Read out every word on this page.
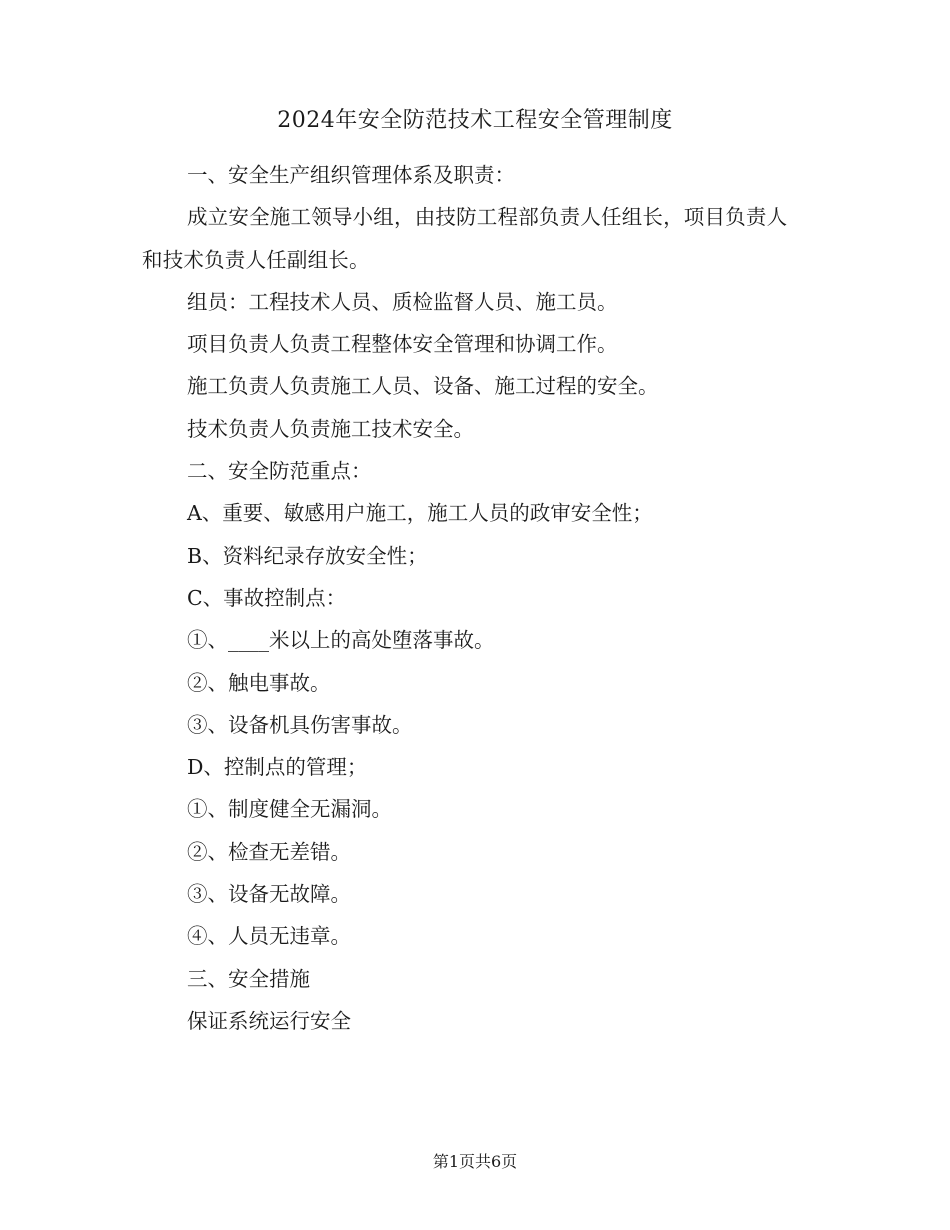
2024年安全防范技术工程安全管理制度

一、安全生产组织管理体系及职责：

成立安全施工领导小组，由技防工程部负责人任组长，项目负责人和技术负责人任副组长。

组员：工程技术人员、质检监督人员、施工员。

项目负责人负责工程整体安全管理和协调工作。

施工负责人负责施工人员、设备、施工过程的安全。

技术负责人负责施工技术安全。

二、安全防范重点：

A、重要、敏感用户施工，施工人员的政审安全性；

B、资料纪录存放安全性；

C、事故控制点：

①、____米以上的高处堕落事故。

②、触电事故。

③、设备机具伤害事故。

D、控制点的管理；

①、制度健全无漏洞。

②、检查无差错。

③、设备无故障。

④、人员无违章。

三、安全措施

保证系统运行安全

第1页共6页
